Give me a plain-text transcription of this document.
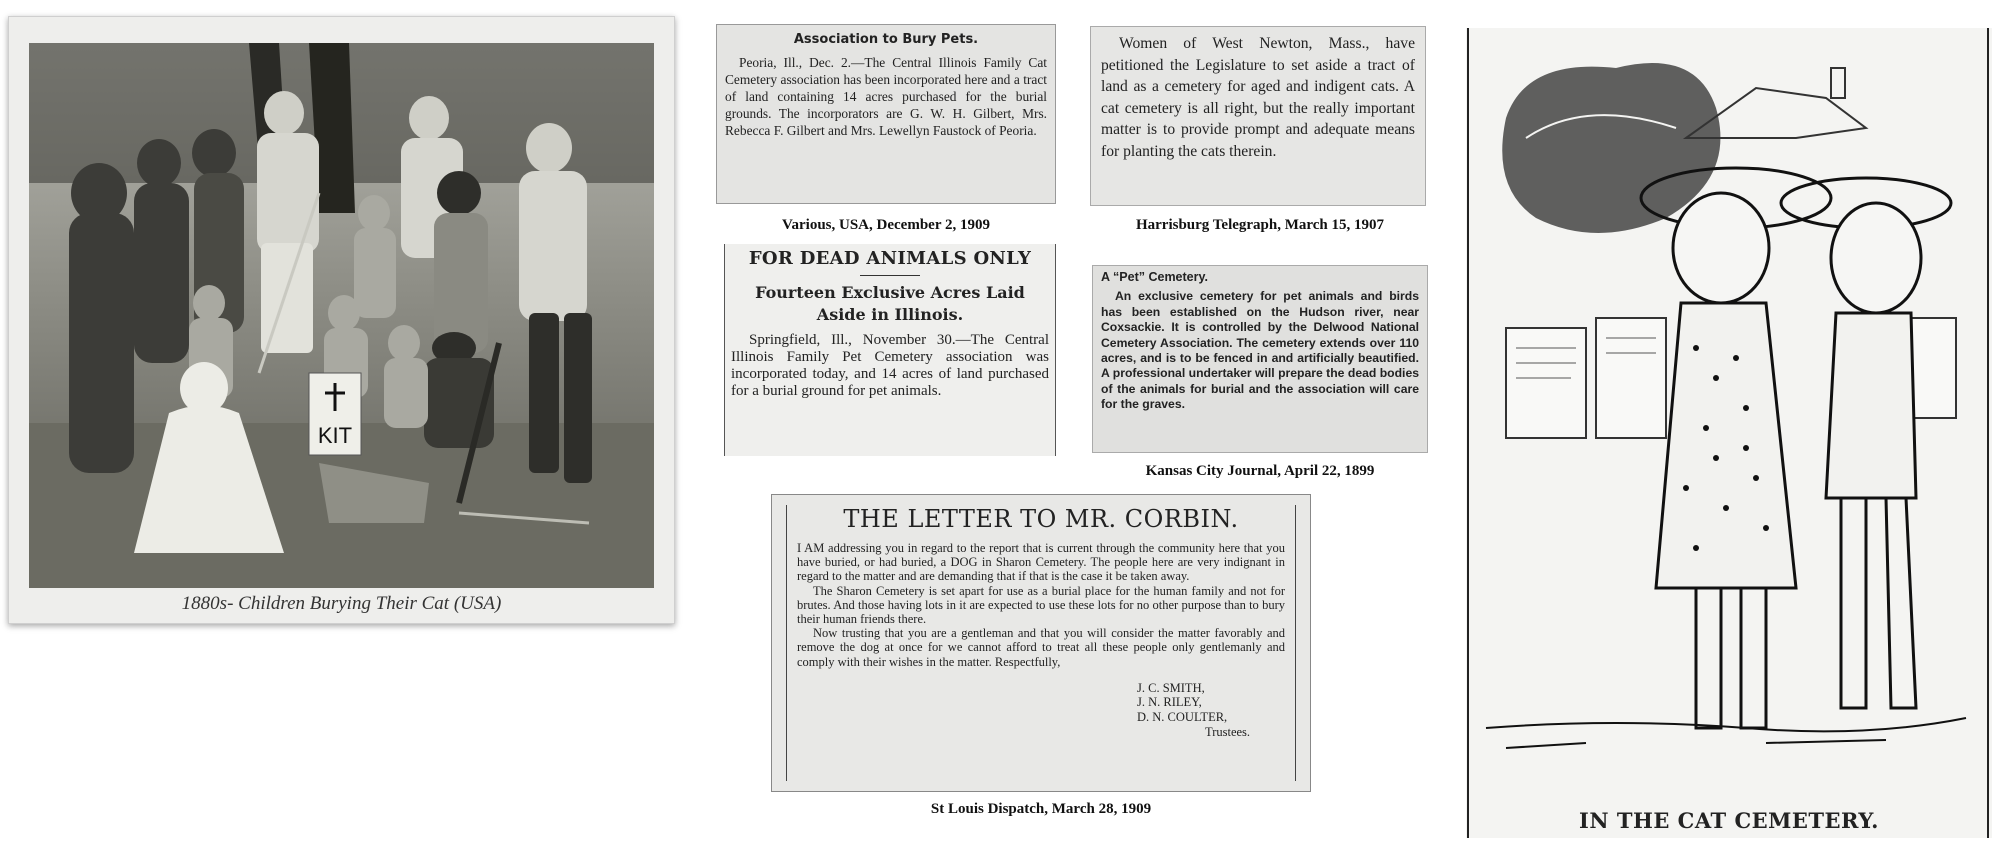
KIT
1880s- Children Burying Their Cat (USA)

Association to Bury Pets.

Peoria, Ill., Dec. 2.—The Central Illinois Family Cat Cemetery association has been incorporated here and a tract of land containing 14 acres purchased for the burial grounds. The incorporators are G. W. H. Gilbert, Mrs. Rebecca F. Gilbert and Mrs. Lewellyn Faustock of Peoria.

Various, USA, December 2, 1909

FOR DEAD ANIMALS ONLY

Fourteen Exclusive Acres Laid Aside in Illinois.

Springfield, Ill., November 30.—The Central Illinois Family Pet Cemetery association was incorporated today, and 14 acres of land purchased for a burial ground for pet animals.

Women of West Newton, Mass., have petitioned the Legislature to set aside a tract of land as a cemetery for aged and indigent cats. A cat cemetery is all right, but the really important matter is to provide prompt and adequate means for planting the cats therein.

Harrisburg Telegraph, March 15, 1907

A “Pet” Cemetery.

An exclusive cemetery for pet animals and birds has been established on the Hudson river, near Coxsackie. It is controlled by the Delwood National Cemetery Association. The cemetery extends over 110 acres, and is to be fenced in and artificially beautified. A professional undertaker will prepare the dead bodies of the animals for burial and the association will care for the graves.

Kansas City Journal, April 22, 1899

THE LETTER TO MR. CORBIN.

I AM addressing you in regard to the report that is current through the community here that you have buried, or had buried, a DOG in Sharon Cemetery. The people here are very indignant in regard to the matter and are demanding that if that is the case it be taken away.

The Sharon Cemetery is set apart for use as a burial place for the human family and not for brutes. And those having lots in it are expected to use these lots for no other purpose than to bury their human friends there.

Now trusting that you are a gentleman and that you will consider the matter favorably and remove the dog at once for we cannot afford to treat all these people only gentlemanly and comply with their wishes in the matter. Respectfully,

J. C. SMITH,
J. N. RILEY,
D. N. COULTER,
Trustees.
St Louis Dispatch, March 28, 1909	IN THE CAT CEMETERY.
